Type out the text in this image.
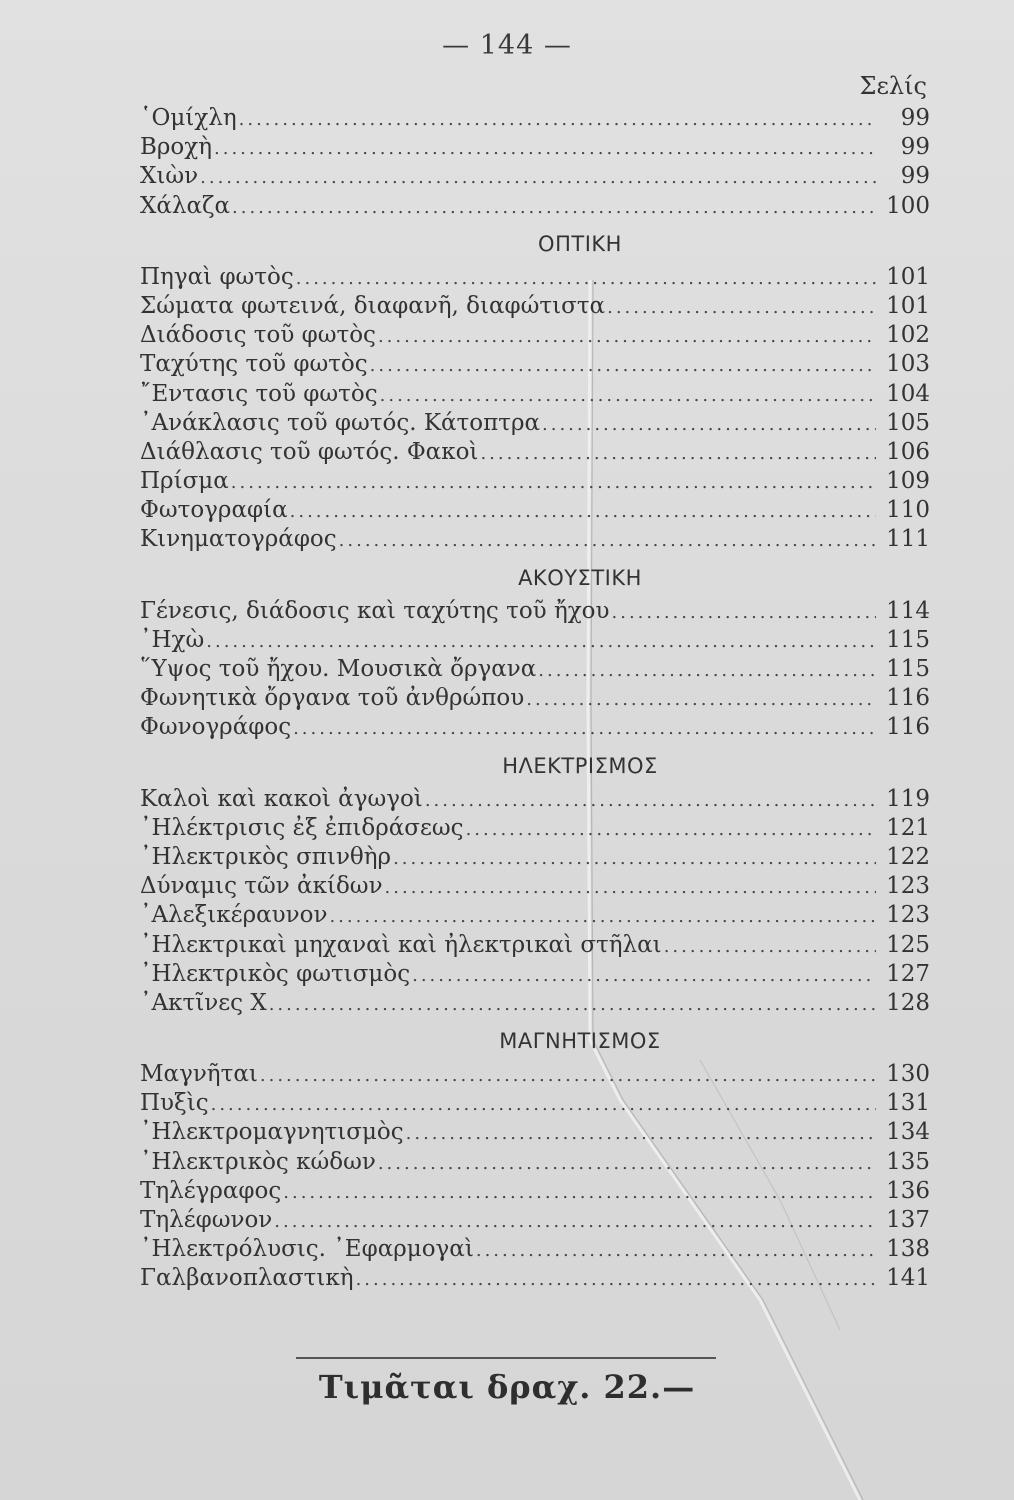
— 144 —
Σελίς
῾Ομίχλη .....	99
Βροχὴ .....	99
Χιὼν .....	99
Χάλαζα .....	100
ΟΠΤΙΚΗ
Πηγαὶ φωτὸς .....	101
Σώματα φωτεινά, διαφανῆ, διαφώτιστα .....	101
Διάδοσις τοῦ φωτὸς .....	102
Ταχύτης τοῦ φωτὸς .....	103
῎Εντασις τοῦ φωτὸς .....	104
᾿Ανάκλασις τοῦ φωτός. Κάτοπτρα .....	105
Διάθλασις τοῦ φωτός. Φακοὶ .....	106
Πρίσμα .....	109
Φωτογραφία .....	110
Κινηματογράφος .....	111
ΑΚΟΥΣΤΙΚΗ
Γένεσις, διάδοσις καὶ ταχύτης τοῦ ἤχου .....	114
᾿Ηχὼ .....	115
῞Υψος τοῦ ἤχου. Μουσικὰ ὄργανα .....	115
Φωνητικὰ ὄργανα τοῦ ἀνθρώπου .....	116
Φωνογράφος .....	116
ΗΛΕΚΤΡΙΣΜΟΣ
Καλοὶ καὶ κακοὶ ἀγωγοὶ .....	119
᾿Ηλέκτρισις ἐξ ἐπιδράσεως .....	121
᾿Ηλεκτρικὸς σπινθὴρ .....	122
Δύναμις τῶν ἀκίδων .....	123
᾿Αλεξικέραυνον .....	123
᾿Ηλεκτρικαὶ μηχαναὶ καὶ ἠλεκτρικαὶ στῆλαι .....	125
᾿Ηλεκτρικὸς φωτισμὸς .....	127
᾿Ακτῖνες Χ .....	128
ΜΑΓΝΗΤΙΣΜΟΣ
Μαγνῆται .....	130
Πυξὶς .....	131
᾿Ηλεκτρομαγνητισμὸς .....	134
᾿Ηλεκτρικὸς κώδων .....	135
Τηλέγραφος .....	136
Τηλέφωνον .....	137
᾿Ηλεκτρόλυσις. ᾿Εφαρμογαὶ .....	138
Γαλβανοπλαστικὴ .....	141
Τιμᾶται δραχ. 22.—
